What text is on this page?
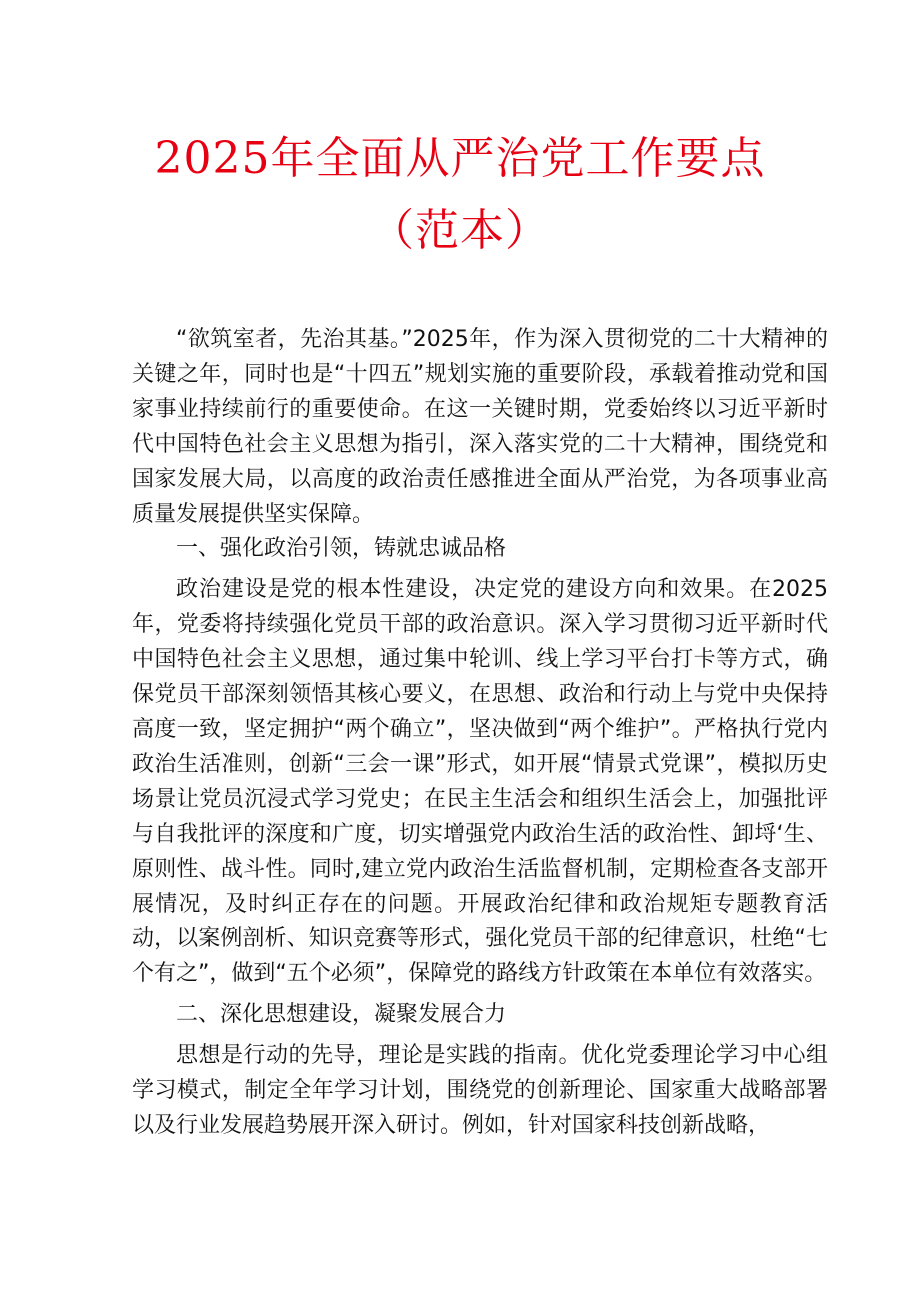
2025年全面从严治党工作要点
（范本）

“欲筑室者，先治其基。”2025年，作为深入贯彻党的二十大精神的关键之年，同时也是“十四五”规划实施的重要阶段，承载着推动党和国家事业持续前行的重要使命。在这一关键时期，党委始终以习近平新时代中国特色社会主义思想为指引，深入落实党的二十大精神，围绕党和国家发展大局，以高度的政治责任感推进全面从严治党，为各项事业高质量发展提供坚实保障。

一、强化政治引领，铸就忠诚品格

政治建设是党的根本性建设，决定党的建设方向和效果。在2025年，党委将持续强化党员干部的政治意识。深入学习贯彻习近平新时代中国特色社会主义思想，通过集中轮训、线上学习平台打卡等方式，确保党员干部深刻领悟其核心要义，在思想、政治和行动上与党中央保持高度一致，坚定拥护“两个确立”，坚决做到“两个维护”。严格执行党内政治生活准则，创新“三会一课”形式，如开展“情景式党课”，模拟历史场景让党员沉浸式学习党史；在民主生活会和组织生活会上，加强批评与自我批评的深度和广度，切实增强党内政治生活的政治性、卸埒‘生、原则性、战斗性。同时,建立党内政治生活监督机制，定期检查各支部开展情况，及时纠正存在的问题。开展政治纪律和政治规矩专题教育活动，以案例剖析、知识竞赛等形式，强化党员干部的纪律意识，杜绝“七个有之”，做到“五个必须”，保障党的路线方针政策在本单位有效落实。

二、深化思想建设，凝聚发展合力

思想是行动的先导，理论是实践的指南。优化党委理论学习中心组学习模式，制定全年学习计划，围绕党的创新理论、国家重大战略部署以及行业发展趋势展开深入研讨。例如，针对国家科技创新战略，
